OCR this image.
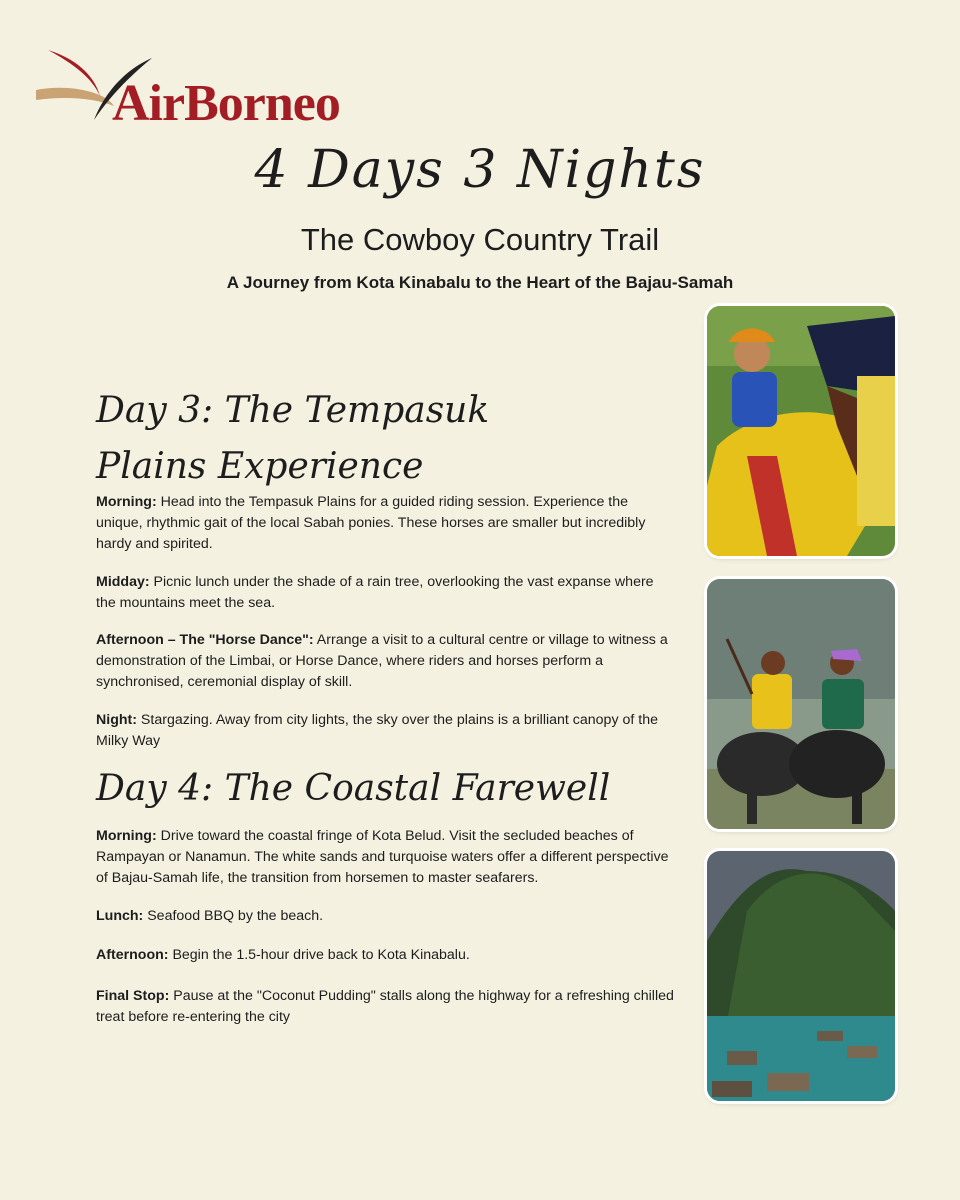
AirBorneo
4 Days 3 Nights
The Cowboy Country Trail
A Journey from Kota Kinabalu to the Heart of the Bajau-Samah
Day 3: The Tempasuk
Plains Experience

Morning: Head into the Tempasuk Plains for a guided riding session. Experience the unique, rhythmic gait of the local Sabah ponies. These horses are smaller but incredibly hardy and spirited.

Midday: Picnic lunch under the shade of a rain tree, overlooking the vast expanse where the mountains meet the sea.

Afternoon – The "Horse Dance": Arrange a visit to a cultural centre or village to witness a demonstration of the Limbai, or Horse Dance, where riders and horses perform a synchronised, ceremonial display of skill.

Night: Stargazing. Away from city lights, the sky over the plains is a brilliant canopy of the Milky Way

Day 4: The Coastal Farewell

Morning: Drive toward the coastal fringe of Kota Belud. Visit the secluded beaches of Rampayan or Nanamun. The white sands and turquoise waters offer a different perspective of Bajau-Samah life, the transition from horsemen to master seafarers.

Lunch: Seafood BBQ by the beach.

Afternoon: Begin the 1.5-hour drive back to Kota Kinabalu.

Final Stop: Pause at the "Coconut Pudding" stalls along the highway for a refreshing chilled treat before re-entering the city
